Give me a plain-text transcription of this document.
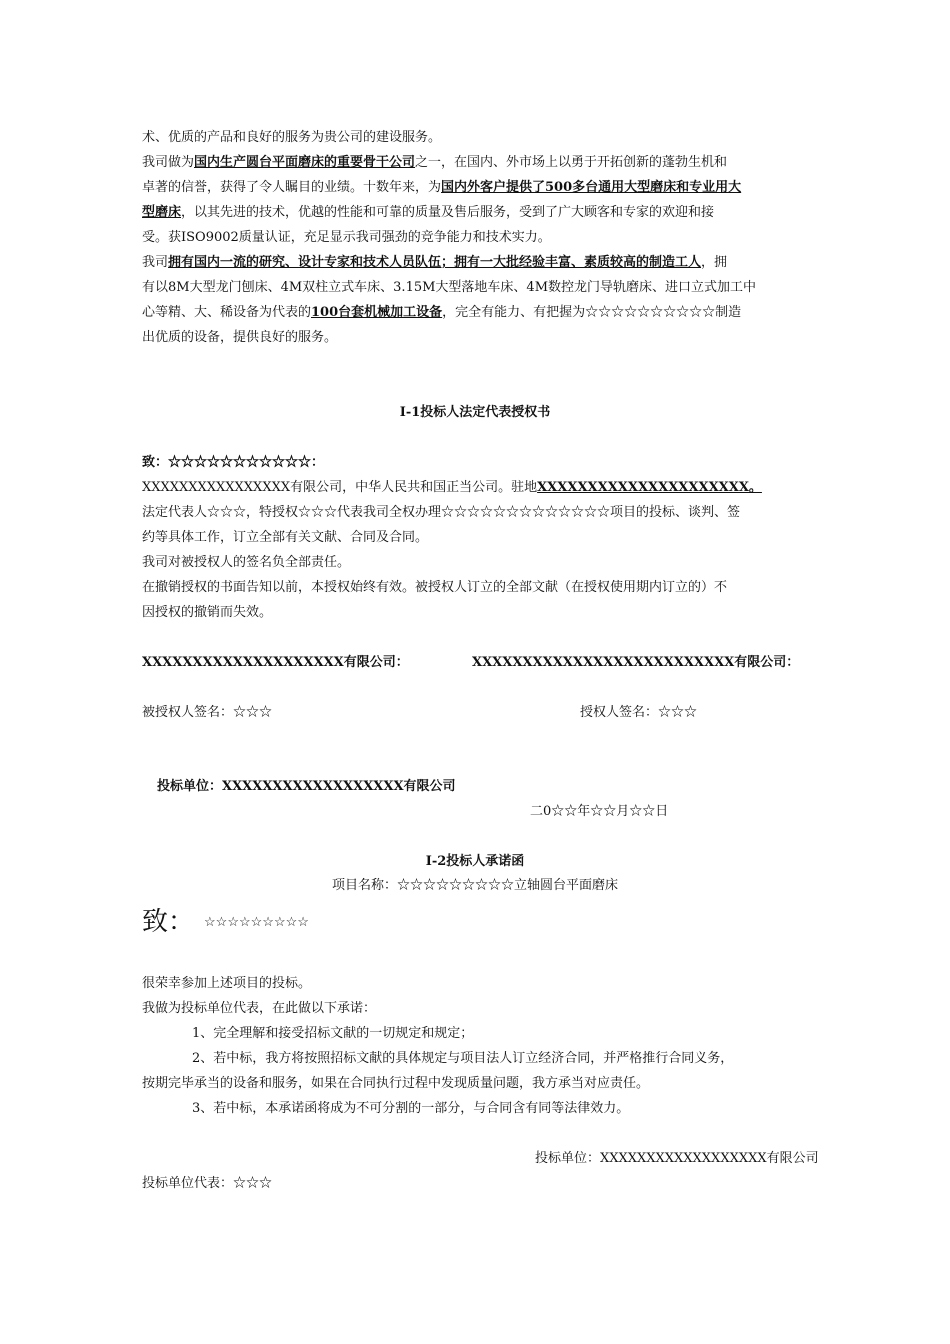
术、优质的产品和良好的服务为贵公司的建设服务。
我司做为国内生产圆台平面磨床的重要骨干公司之一，在国内、外市场上以勇于开拓创新的蓬勃生机和
卓著的信誉，获得了令人瞩目的业绩。十数年来，为国内外客户提供了500多台通用大型磨床和专业用大
型磨床，以其先进的技术，优越的性能和可靠的质量及售后服务，受到了广大顾客和专家的欢迎和接
受。获ISO9002质量认证，充足显示我司强劲的竞争能力和技术实力。
我司拥有国内一流的研究、设计专家和技术人员队伍；拥有一大批经验丰富、素质较高的制造工人，拥
有以8M大型龙门刨床、4M双柱立式车床、3.15M大型落地车床、4M数控龙门导轨磨床、进口立式加工中
心等精、大、稀设备为代表的100台套机械加工设备，完全有能力、有把握为☆☆☆☆☆☆☆☆☆☆制造
出优质的设备，提供良好的服务。
I-1投标人法定代表授权书
致：☆☆☆☆☆☆☆☆☆☆☆：
XXXXXXXXXXXXXXXX有限公司，中华人民共和国正当公司。驻地XXXXXXXXXXXXXXXXXXXXX。
法定代表人☆☆☆，特授权☆☆☆代表我司全权办理☆☆☆☆☆☆☆☆☆☆☆☆☆项目的投标、谈判、签
约等具体工作，订立全部有关文献、合同及合同。
我司对被授权人的签名负全部责任。
在撤销授权的书面告知以前，本授权始终有效。被授权人订立的全部文献（在授权使用期内订立的）不
因授权的撤销而失效。
XXXXXXXXXXXXXXXXXXXX有限公司：	XXXXXXXXXXXXXXXXXXXXXXXXXX有限公司：
被授权人签名：☆☆☆	授权人签名：☆☆☆
投标单位：XXXXXXXXXXXXXXXXXX有限公司
二0☆☆年☆☆月☆☆日
I-2投标人承诺函
项目名称：☆☆☆☆☆☆☆☆☆立轴圆台平面磨床
致： ☆☆☆☆☆☆☆☆☆
很荣幸参加上述项目的投标。
我做为投标单位代表，在此做以下承诺：
1、完全理解和接受招标文献的一切规定和规定；
2、若中标，我方将按照招标文献的具体规定与项目法人订立经济合同，并严格推行合同义务，
按期完毕承当的设备和服务，如果在合同执行过程中发现质量问题，我方承当对应责任。
3、若中标，本承诺函将成为不可分割的一部分，与合同含有同等法律效力。
投标单位：XXXXXXXXXXXXXXXXXX有限公司
投标单位代表：☆☆☆
